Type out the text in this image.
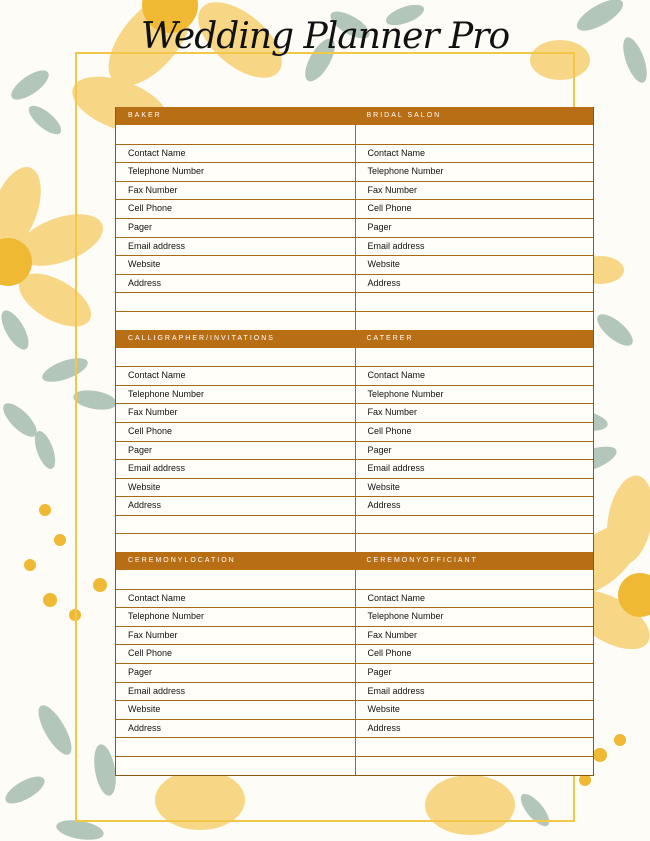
Wedding Planner Pro
BAKER	BRIDAL SALON
Contact Name	Contact Name
Telephone Number	Telephone Number
Fax Number	Fax Number
Cell Phone	Cell Phone
Pager	Pager
Email address	Email address
Website	Website
Address	Address
CALLIGRAPHER/INVITATIONS	CATERER
Contact Name	Contact Name
Telephone Number	Telephone Number
Fax Number	Fax Number
Cell Phone	Cell Phone
Pager	Pager
Email address	Email address
Website	Website
Address	Address
CEREMONYLOCATION	CEREMONYOFFICIANT
Contact Name	Contact Name
Telephone Number	Telephone Number
Fax Number	Fax Number
Cell Phone	Cell Phone
Pager	Pager
Email address	Email address
Website	Website
Address	Address
